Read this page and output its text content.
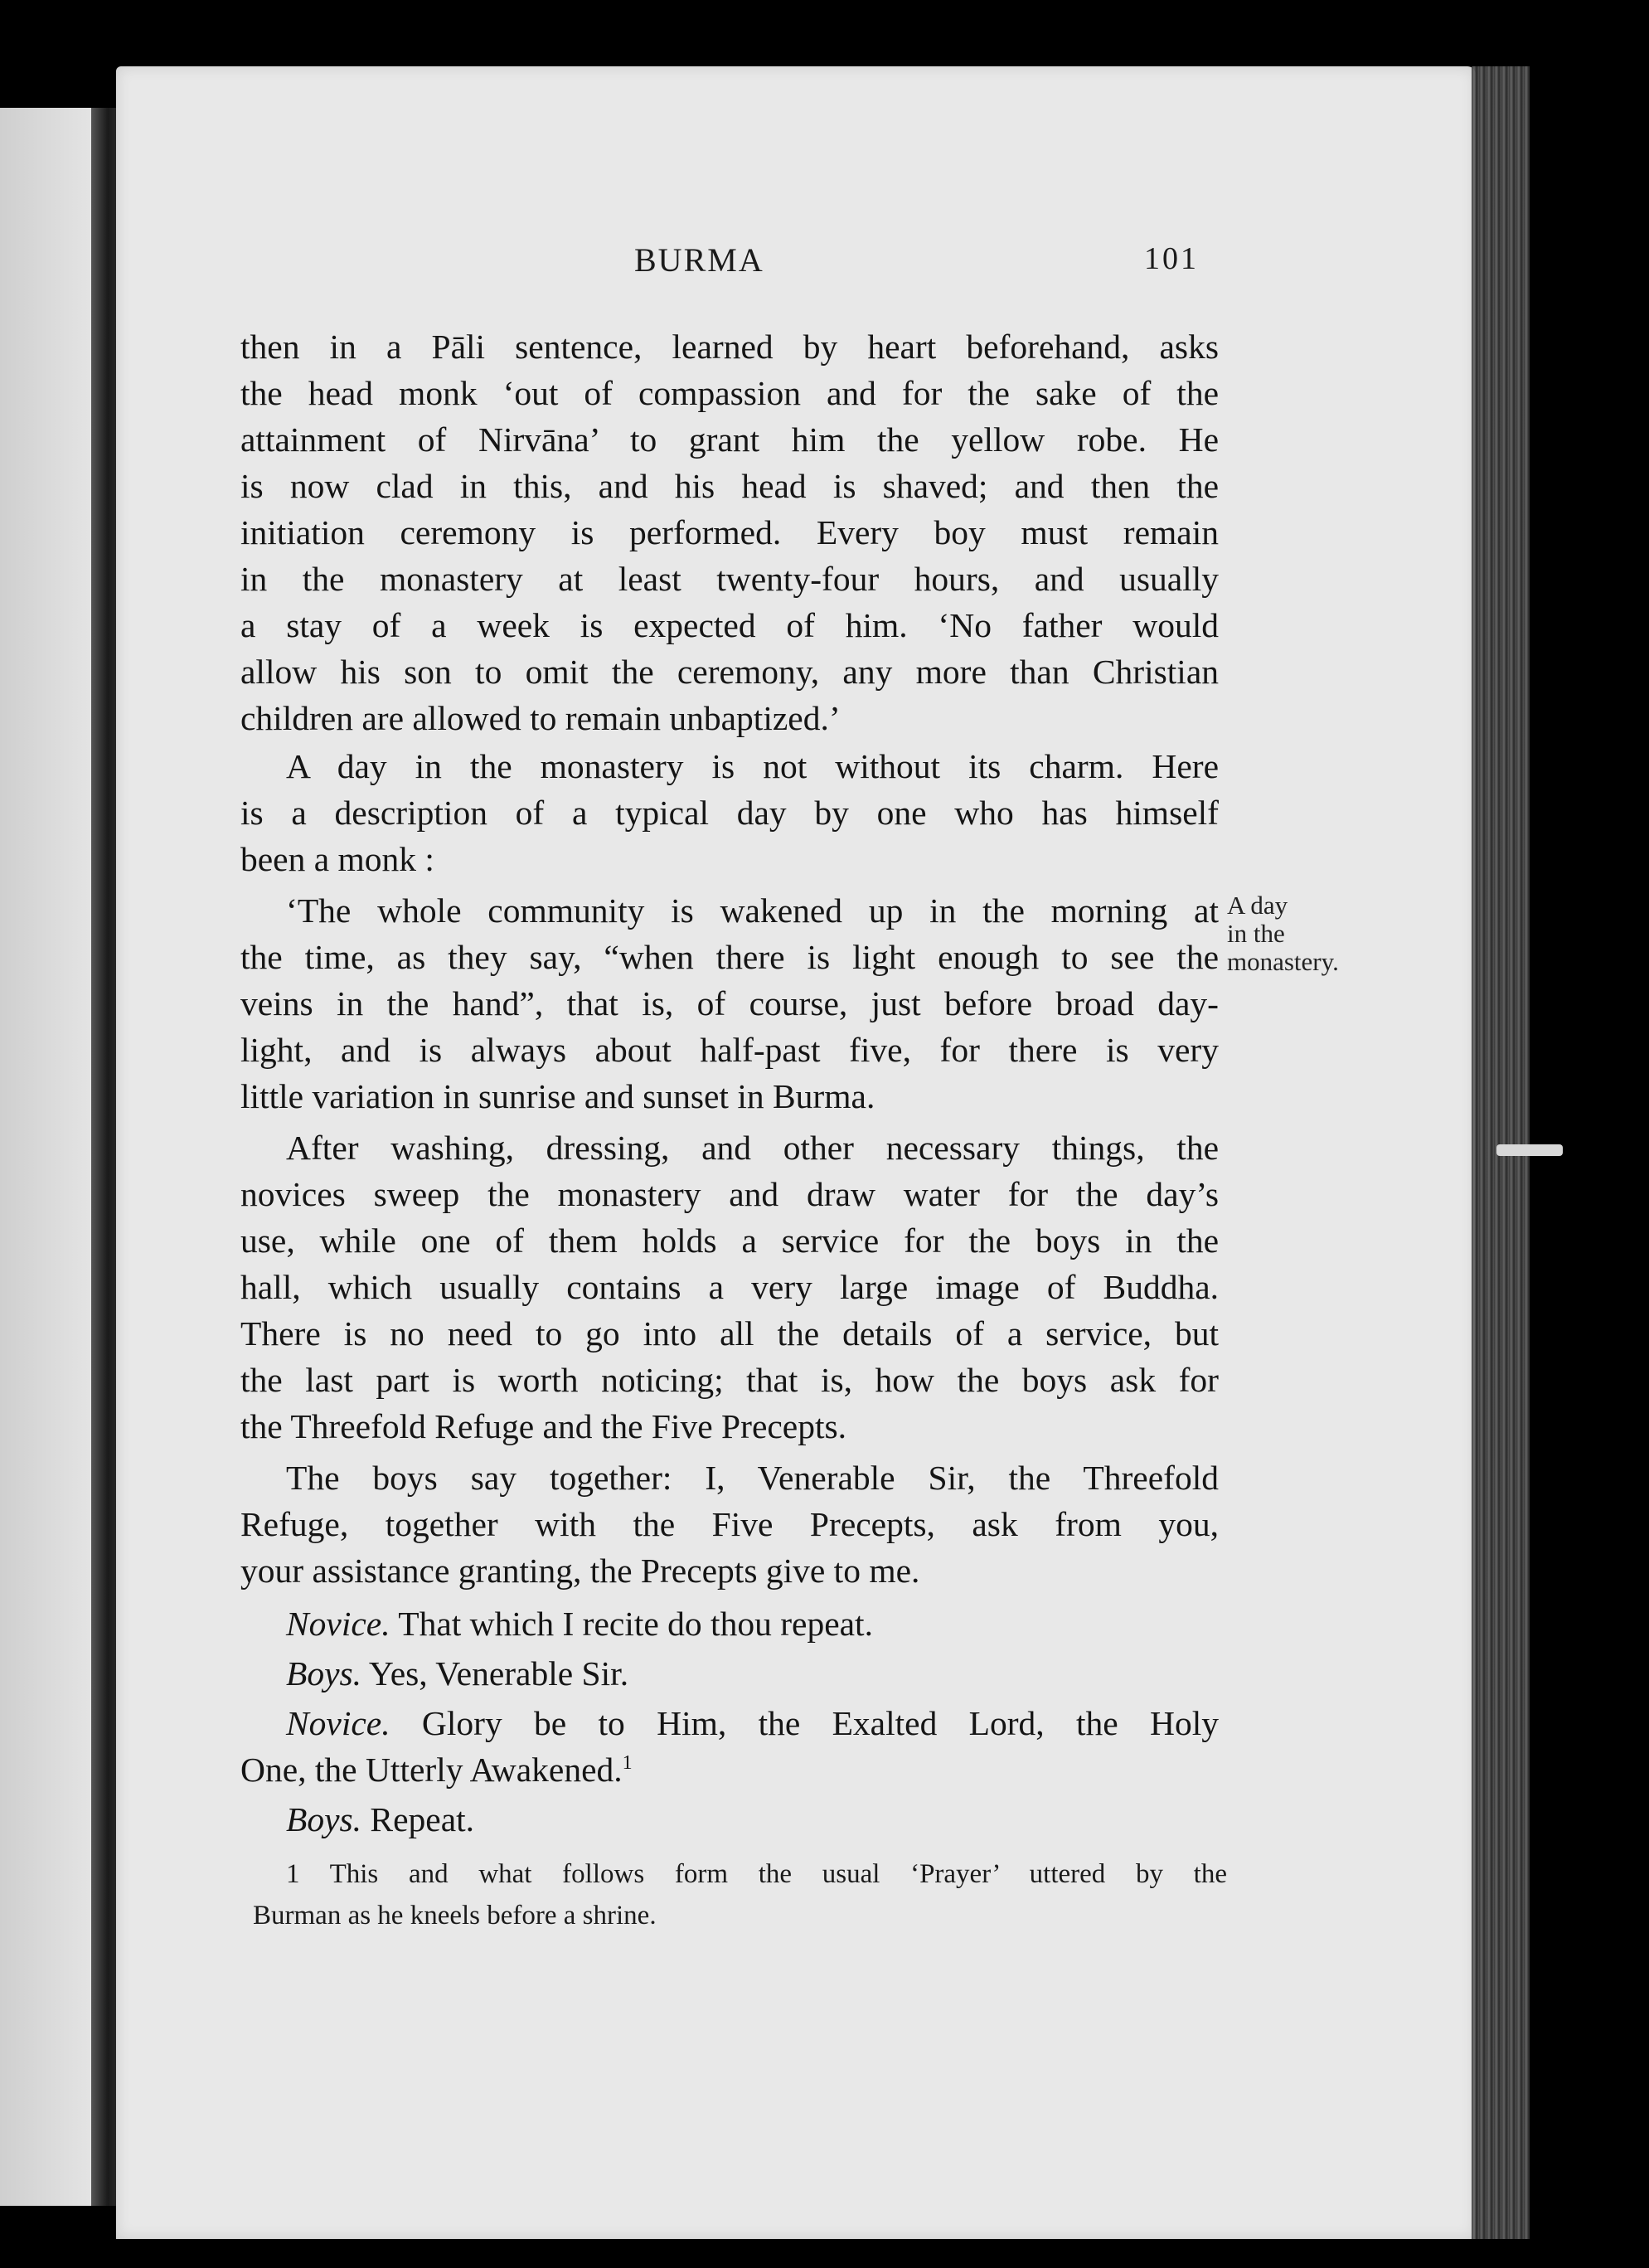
BURMA	101
then in a Pāli sentence, learned by heart beforehand, asks
the head monk ‘out of compassion and for the sake of the
attainment of Nirvāna’ to grant him the yellow robe. He
is now clad in this, and his head is shaved; and then the
initiation ceremony is performed. Every boy must remain
in the monastery at least twenty-four hours, and usually
a stay of a week is expected of him. ‘No father would
allow his son to omit the ceremony, any more than Christian
children are allowed to remain unbaptized.’
A day in the monastery is not without its charm. Here
is a description of a typical day by one who has himself
been a monk :
‘The whole community is wakened up in the morning at
the time, as they say, “when there is light enough to see the
veins in the hand”, that is, of course, just before broad day-
light, and is always about half-past five, for there is very
little variation in sunrise and sunset in Burma.
A day
in the
monastery.
After washing, dressing, and other necessary things, the
novices sweep the monastery and draw water for the day’s
use, while one of them holds a service for the boys in the
hall, which usually contains a very large image of Buddha.
There is no need to go into all the details of a service, but
the last part is worth noticing; that is, how the boys ask for
the Threefold Refuge and the Five Precepts.
The boys say together: I, Venerable Sir, the Threefold
Refuge, together with the Five Precepts, ask from you,
your assistance granting, the Precepts give to me.
Novice. That which I recite do thou repeat.
Boys. Yes, Venerable Sir.
Novice. Glory be to Him, the Exalted Lord, the Holy
One, the Utterly Awakened.$^1$
Boys. Repeat.
1 This and what follows form the usual ‘Prayer’ uttered by the
Burman as he kneels before a shrine.
